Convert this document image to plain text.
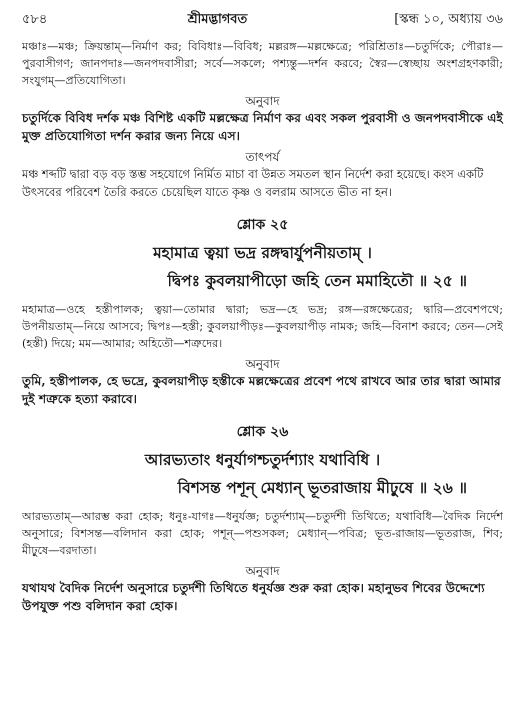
৫৮৪	শ্রীমদ্ভাগবত	[স্কন্ধ ১০, অধ্যায় ৩৬
মঞ্চাঃ—মঞ্চ; ক্রিয়ন্তাম্—নির্মাণ কর; বিবিধাঃ—বিবিধ; মল্লরঙ্গ—মল্লক্ষেত্রে; পরিশ্রিতাঃ—চতুর্দিকে; পৌরাঃ—পুরবাসীগণ; জানপদাঃ—জনপদবাসীরা; সর্বে—সকলে; পশ্যন্তু—দর্শন করবে; স্বৈর—স্বেচ্ছায় অংশগ্রহণকারী; সংযুগম্—প্রতিযোগিতা।
অনুবাদ
চতুর্দিকে বিবিধ দর্শক মঞ্চ বিশিষ্ট একটি মল্লক্ষেত্র নির্মাণ কর এবং সকল পুরবাসী ও জনপদবাসীকে এই মুক্ত প্রতিযোগিতা দর্শন করার জন্য নিয়ে এস।
তাৎপর্য
মঞ্চ শব্দটি দ্বারা বড় বড় স্তম্ভ সহযোগে নির্মিত মাচা বা উন্নত সমতল স্থান নির্দেশ করা হয়েছে। কংস একটি উৎসবের পরিবেশ তৈরি করতে চেয়েছিল যাতে কৃষ্ণ ও বলরাম আসতে ভীত না হন।
শ্লোক ২৫
মহামাত্র ত্বয়া ভদ্র রঙ্গদ্বার্যুপনীয়তাম্ ।
দ্বিপঃ কুবলয়াপীড়ো জহি তেন মমাহিতৌ ॥ ২৫ ॥
মহামাত্র—ওহে হস্তীপালক; ত্বয়া—তোমার দ্বারা; ভদ্র—হে ভদ্র; রঙ্গ—রঙ্গক্ষেত্রের; দ্বারি—প্রবেশপথে; উপনীয়তাম্—নিয়ে আসবে; দ্বিপঃ—হস্তী; কুবলয়াপীড়ঃ—কুবলয়াপীড় নামক; জহি—বিনাশ করবে; তেন—সেই (হস্তী) দিয়ে; মম—আমার; অহিতৌ—শত্রুদের।
অনুবাদ
তুমি, হস্তীপালক, হে ভদ্রে, কুবলয়াপীড় হস্তীকে মল্লক্ষেত্রের প্রবেশ পথে রাখবে আর তার দ্বারা আমার দুই শত্রুকে হত্যা করাবে।
শ্লোক ২৬
আরভ্যতাং ধনুর্যাগশ্চতুর্দশ্যাং যথাবিধি ।
বিশসন্ত পশূন্ মেধ্যান্ ভূতরাজায় মীঢ়ুষে ॥ ২৬ ॥
আরভ্যতাম্—আরম্ভ করা হোক; ধনুঃ-যাগঃ—ধনুর্যজ্ঞ; চতুর্দশ্যাম্—চতুর্দশী তিথিতে; যথাবিধি—বৈদিক নির্দেশ অনুসারে; বিশসন্ত—বলিদান করা হোক; পশূন্—পশুসকল; মেধ্যান্—পবিত্র; ভূত-রাজায়—ভূতরাজ, শিব; মীঢ়ুষে—বরদাতা।
অনুবাদ
যথাযথ বৈদিক নির্দেশ অনুসারে চতুর্দশী তিথিতে ধনুর্যজ্ঞ শুরু করা হোক। মহানুভব শিবের উদ্দেশ্যে উপযুক্ত পশু বলিদান করা হোক।
